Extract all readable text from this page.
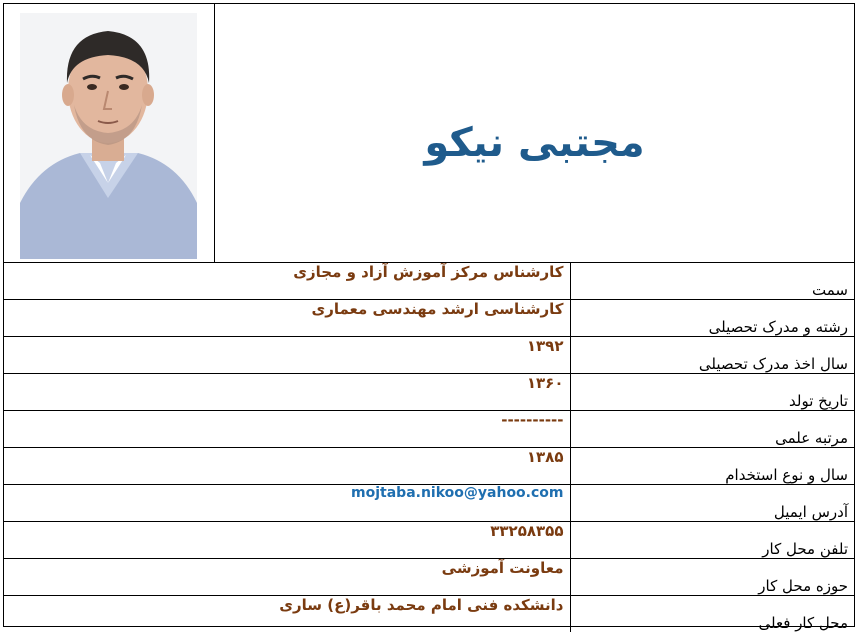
مجتبی نیکو
کارشناس مرکز آموزش آزاد و مجازی	سمت
کارشناسی ارشد مهندسی معماری	رشته و مدرک تحصیلی
۱۳۹۲	سال اخذ مدرک تحصیلی
۱۳۶۰	تاریخ تولد
----------	مرتبه علمی
۱۳۸۵	سال و نوع استخدام
mojtaba.nikoo@yahoo.com	آدرس ایمیل
۳۳۲۵۸۳۵۵	تلفن محل کار
معاونت آموزشی	حوزه محل کار
دانشکده فنی امام محمد باقر(ع) ساری	محل کار فعلی
